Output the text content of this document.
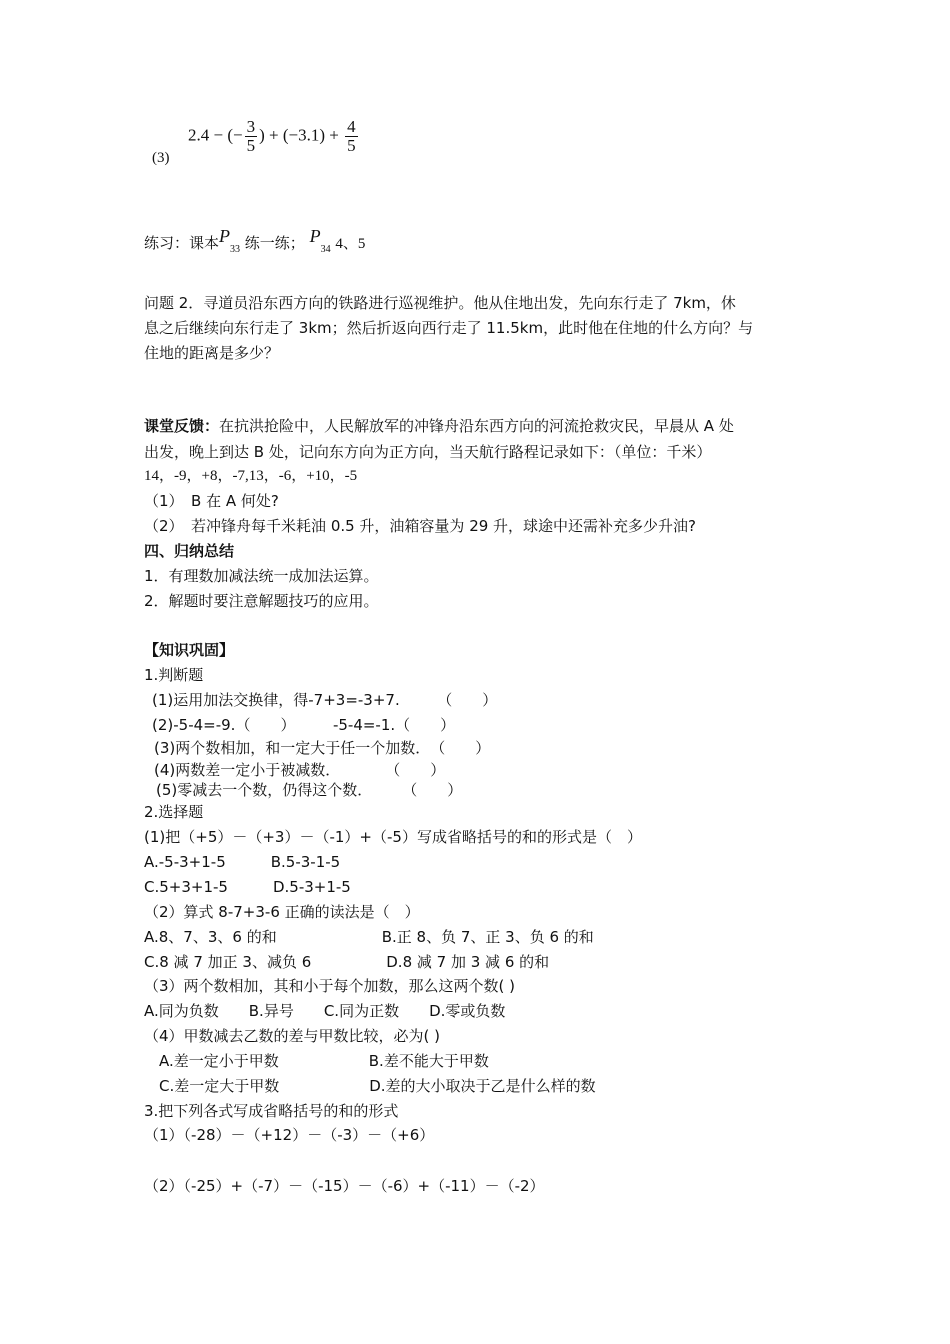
2.4 − (− $\frac{3}{5}$ ) + $(-3.1) + \frac{4}{5}$
(3)
练习：课本$P_{33}$ 练一练； $P_{34}$ 4、5
问题 2．寻道员沿东西方向的铁路进行巡视维护。他从住地出发，先向东行走了 7km，休
息之后继续向东行走了 3km；然后折返向西行走了 11.5km，此时他在住地的什么方向？与
住地的距离是多少？
课堂反馈：在抗洪抢险中，人民解放军的冲锋舟沿东西方向的河流抢救灾民，早晨从 A 处
出发，晚上到达 B 处，记向东方向为正方向，当天航行路程记录如下：（单位：千米）
14，-9，+8，-7,13，-6，+10，-5
（1）　B 在 A 何处?
（2）　若冲锋舟每千米耗油 0.5 升，油箱容量为 29 升，球途中还需补充多少升油?
四、归纳总结
1．有理数加减法统一成加法运算。
2．解题时要注意解题技巧的应用。
【知识巩固】
1.判断题
(1)运用加法交换律，得-7+3=-3+7.　　　（　　）
(2)-5-4=-9.（　　）　　　-5-4=-1.（　　）
(3)两个数相加，和一定大于任一个加数．　（　　）
(4)两数差一定小于被减数．　　　　（　　）
(5)零减去一个数，仍得这个数．　　　（　　）
2.选择题
(1)把（+5）－（+3）－（-1）+（-5）写成省略括号的和的形式是（　）
A.-5-3+1-5　　　B.5-3-1-5
C.5+3+1-5　　　D.5-3+1-5
（2）算式 8-7+3-6 正确的读法是（　）
A.8、7、3、6 的和　　　　　　　B.正 8、负 7、正 3、负 6 的和
C.8 减 7 加正 3、减负 6　　　　　D.8 减 7 加 3 减 6 的和
（3）两个数相加，其和小于每个加数，那么这两个数( )
A.同为负数　　B.异号　　C.同为正数　　D.零或负数
（4）甲数减去乙数的差与甲数比较，必为( )
　A.差一定小于甲数　　　　　　B.差不能大于甲数
　C.差一定大于甲数　　　　　　D.差的大小取决于乙是什么样的数
3.把下列各式写成省略括号的和的形式
（1）（-28）－（+12）－（-3）－（+6）
（2）（-25）+（-7）－（-15）－（-6）+（-11）－（-2）
